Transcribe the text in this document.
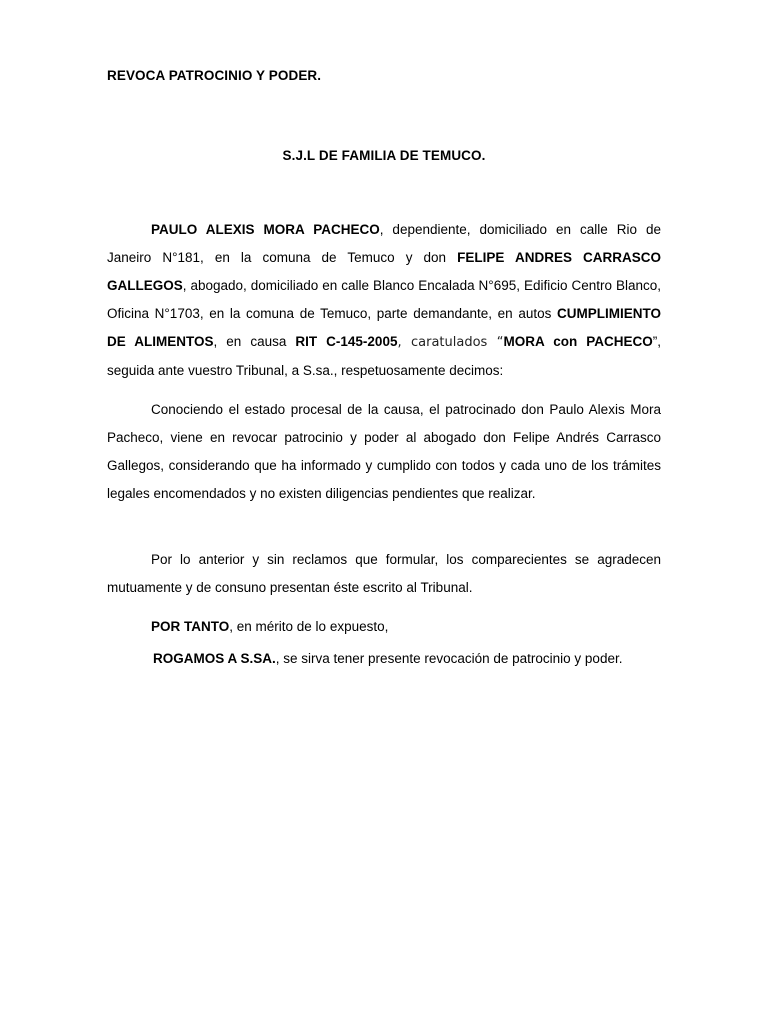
REVOCA PATROCINIO Y PODER.
S.J.L DE FAMILIA DE TEMUCO.

PAULO ALEXIS MORA PACHECO, dependiente, domiciliado en calle Rio de Janeiro N°181, en la comuna de Temuco y don FELIPE ANDRES CARRASCO GALLEGOS, abogado, domiciliado en calle Blanco Encalada N°695, Edificio Centro Blanco, Oficina N°1703, en la comuna de Temuco, parte demandante, en autos CUMPLIMIENTO DE ALIMENTOS, en causa RIT C-145-2005, caratulados “MORA con PACHECO”, seguida ante vuestro Tribunal, a S.sa., respetuosamente decimos:

Conociendo el estado procesal de la causa, el patrocinado don Paulo Alexis Mora Pacheco, viene en revocar patrocinio y poder al abogado don Felipe Andrés Carrasco Gallegos, considerando que ha informado y cumplido con todos y cada uno de los trámites legales encomendados y no existen diligencias pendientes que realizar.

Por lo anterior y sin reclamos que formular, los comparecientes se agradecen mutuamente y de consuno presentan éste escrito al Tribunal.

POR TANTO, en mérito de lo expuesto,

ROGAMOS A S.SA., se sirva tener presente revocación de patrocinio y poder.
